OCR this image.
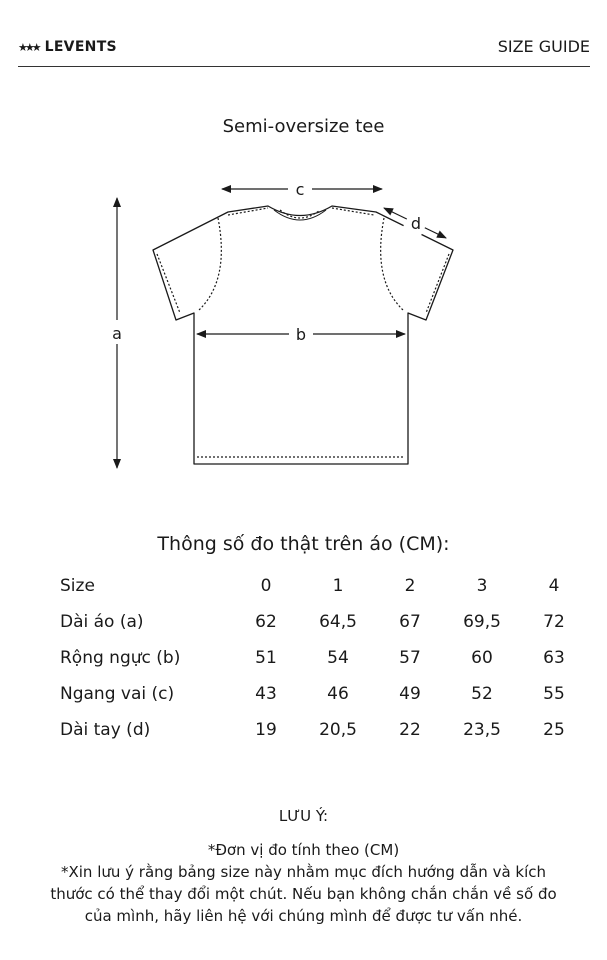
★★★ LEVENTS	SIZE GUIDE
Semi-oversize tee
c
d
b
a
Thông số đo thật trên áo (CM):
Size	0	1	2	3	4
Dài áo (a)	62	64,5	67	69,5	72
Rộng ngực (b)	51	54	57	60	63
Ngang vai (c)	43	46	49	52	55
Dài tay (d)	19	20,5	22	23,5	25
LƯU Ý:
*Đơn vị đo tính theo (CM)
*Xin lưu ý rằng bảng size này nhằm mục đích hướng dẫn và kích
thước có thể thay đổi một chút. Nếu bạn không chắn chắn về số đo
của mình, hãy liên hệ với chúng mình để được tư vấn nhé.
